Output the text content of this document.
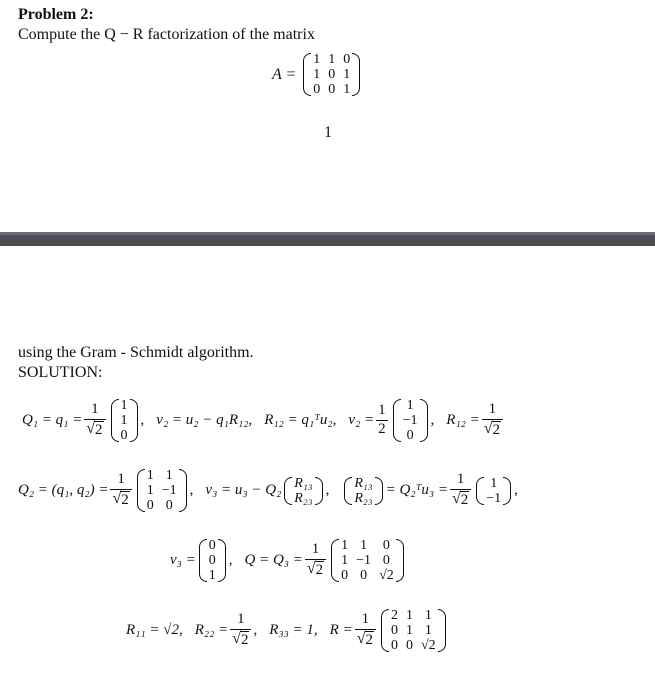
Problem 2:
Compute the Q − R factorization of the matrix
A =
1	1	0
1	0	1
0	0	1
1
using the Gram - Schmidt algorithm.
SOLUTION:
$Q_1 = q_1 = \frac{1}{√ 2} 1$
1
0
, v₂ = u₂ − q₁R₁₂, R₁₂ = q₁ᵀu₂, $v_2 = \frac{1}{2} 1$
−1
0
, $R_{12} = \frac{1}{√ 2}$
Q₂ = (q₁, $q_2) = \frac{1}{√ 2} 1$	1
1	−1
0	0
, v₃ = u₃ − Q₂ R₁₃
R₂₃ , R₁₃
R₂₃ = Q₂ᵀu₃ = $\frac{1}{√ 2} 1$
−1 ,
v₃ =
0
0
1
, $Q = Q_3 = \frac{1}{√ 2} 1$	1	0
1	−1	0
0	0	√2
R₁₁ = √2, $R_{22} = \frac{1}{√ 2}$ , R₃₃ = 1, $R = \frac{1}{√ 2} 2$	1	1
0	1	1
0	0	√2
